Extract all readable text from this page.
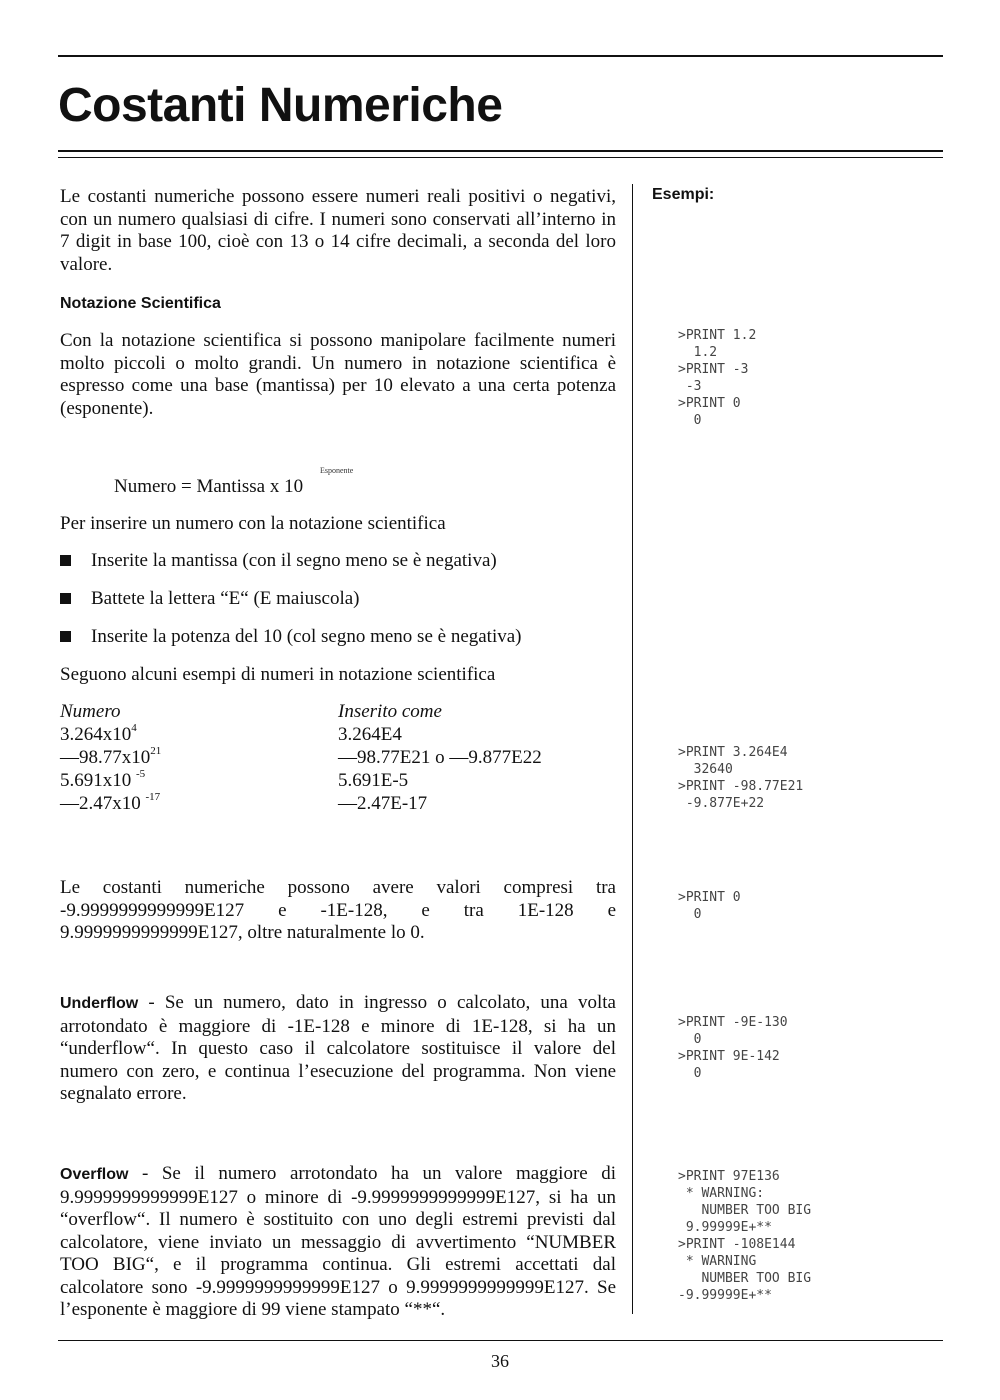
Costanti Numeriche
Esempi:
Le costanti numeriche possono essere numeri reali positivi o negativi, con un numero qualsiasi di cifre. I numeri sono conservati all’interno in 7 digit in base 100, cioè con 13 o 14 cifre decimali, a seconda del loro valore.
Notazione Scientifica
Con la notazione scientifica si possono manipolare facilmente numeri molto piccoli o molto grandi. Un numero in notazione scientifica è espresso come una base (mantissa) per 10 elevato a una certa potenza (esponente).
Numero = Mantissa x 10
Esponente
Per inserire un numero con la notazione scientifica
Inserite la mantissa (con il segno meno se è negativa)
Battete la lettera “E“ (E maiuscola)
Inserite la potenza del 10 (col segno meno se è negativa)
Seguono alcuni esempi di numeri in notazione scientifica
Numero	Inserito come
$3.264x10^4$	3.264E4
$—98.77x10^{21}$	—98.77E21 o —9.877E22
5.691x10 $^{-5}$	5.691E-5
—2.47x10 $^{-17}$	—2.47E-17
Le costanti numeriche possono avere valori compresi tra -9.9999999999999E127 e -1E-128, e tra 1E-128 e 9.9999999999999E127, oltre naturalmente lo 0.
Underflow - Se un numero, dato in ingresso o calcolato, una volta arrotondato è maggiore di -1E-128 e minore di 1E-128, si ha un “underflow“. In questo caso il calcolatore sostituisce il valore del numero con zero, e continua l’esecuzione del programma. Non viene segnalato errore.
Overflow - Se il numero arrotondato ha un valore maggiore di 9.9999999999999E127 o minore di -9.9999999999999E127, si ha un “overflow“. Il numero è sostituito con uno degli estremi previsti dal calcolatore, viene inviato un messaggio di avvertimento “NUMBER TOO BIG“, e il programma continua. Gli estremi accettati dal calcolatore sono -9.9999999999999E127 o 9.9999999999999E127. Se l’esponente è maggiore di 99 viene stampato “**“.
>PRINT 1.2
1.2
>PRINT -3
-3
>PRINT 0
0
>PRINT 3.264E4
32640
>PRINT -98.77E21
-9.877E+22
>PRINT 0
0
>PRINT -9E-130
0
>PRINT 9E-142
0
>PRINT 97E136
* WARNING:
NUMBER TOO BIG
9.99999E+**
>PRINT -108E144
* WARNING
NUMBER TOO BIG
-9.99999E+**
36
